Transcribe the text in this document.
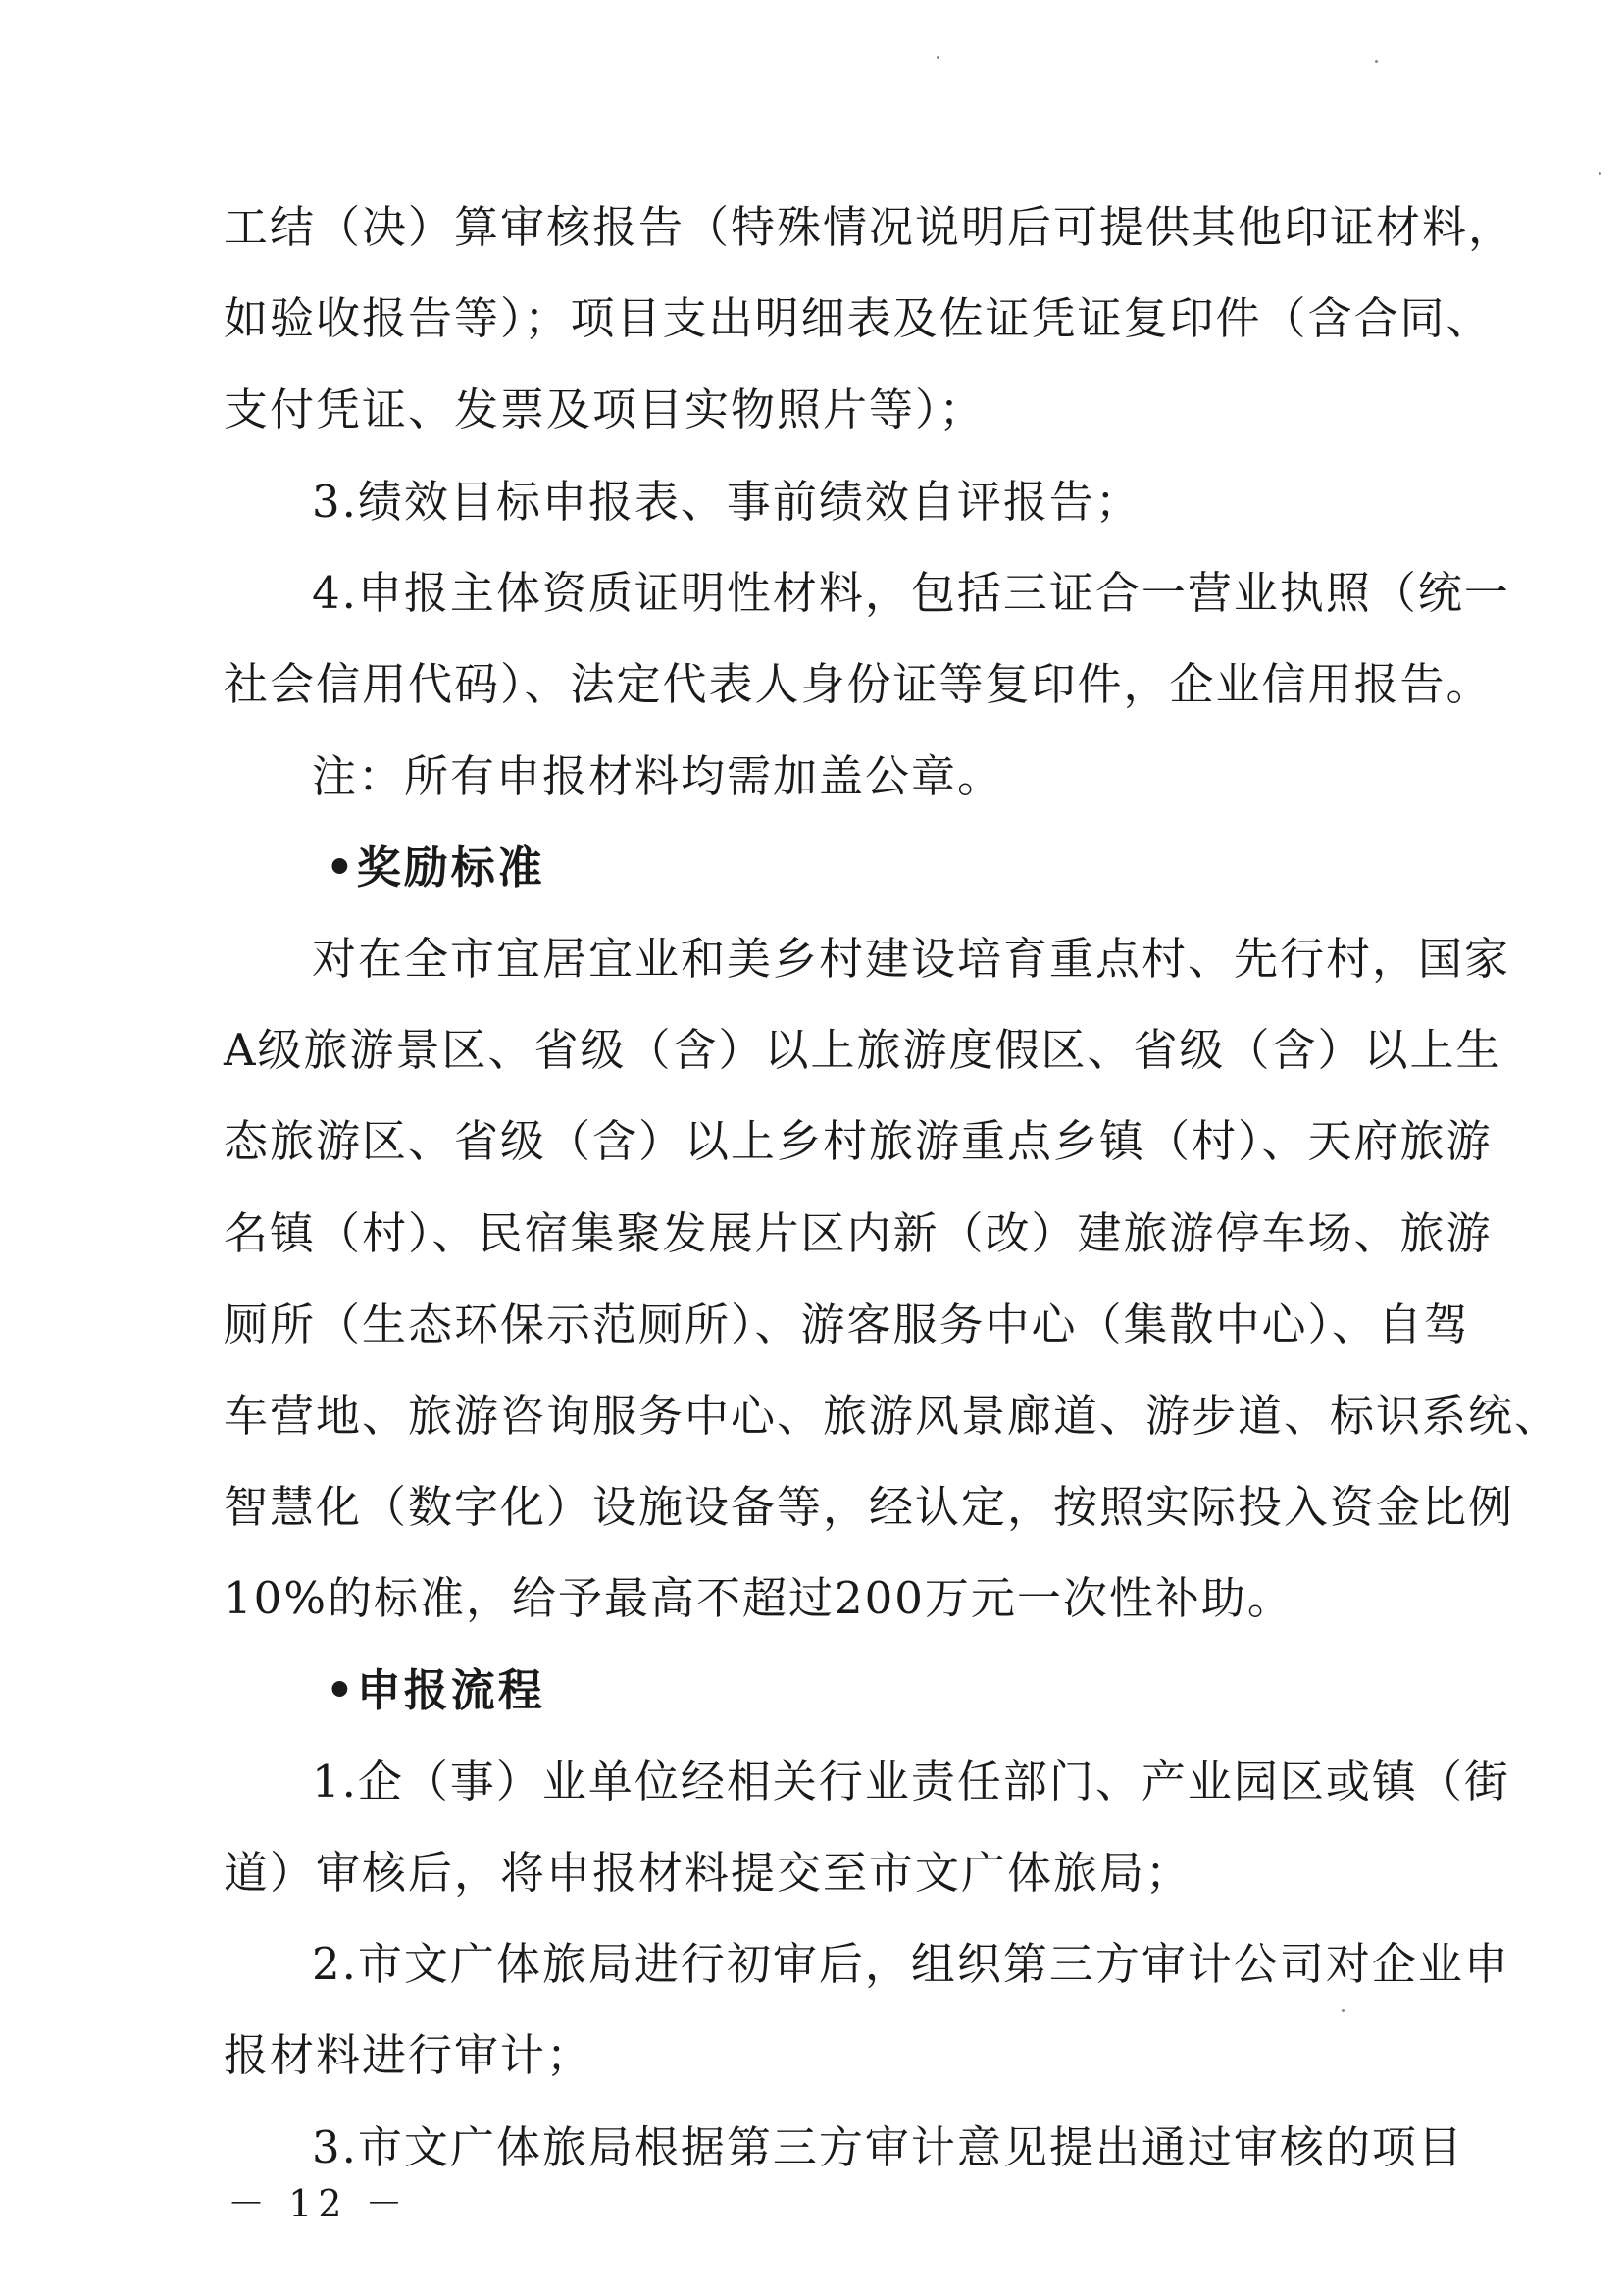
工结（决）算审核报告（特殊情况说明后可提供其他印证材料，
如验收报告等）；项目支出明细表及佐证凭证复印件（含合同、
支付凭证、发票及项目实物照片等）；
3.绩效目标申报表、事前绩效自评报告；
4.申报主体资质证明性材料，包括三证合一营业执照（统一
社会信用代码）、法定代表人身份证等复印件，企业信用报告。
注：所有申报材料均需加盖公章。
•奖励标准
对在全市宜居宜业和美乡村建设培育重点村、先行村，国家
A级旅游景区、省级（含）以上旅游度假区、省级（含）以上生
态旅游区、省级（含）以上乡村旅游重点乡镇（村）、天府旅游
名镇（村）、民宿集聚发展片区内新（改）建旅游停车场、旅游
厕所（生态环保示范厕所）、游客服务中心（集散中心）、自驾
车营地、旅游咨询服务中心、旅游风景廊道、游步道、标识系统、
智慧化（数字化）设施设备等，经认定，按照实际投入资金比例
10%的标准，给予最高不超过200万元一次性补助。
•申报流程
1.企（事）业单位经相关行业责任部门、产业园区或镇（街
道）审核后，将申报材料提交至市文广体旅局；
2.市文广体旅局进行初审后，组织第三方审计公司对企业申
报材料进行审计；
3.市文广体旅局根据第三方审计意见提出通过审核的项目
－ 12 －
